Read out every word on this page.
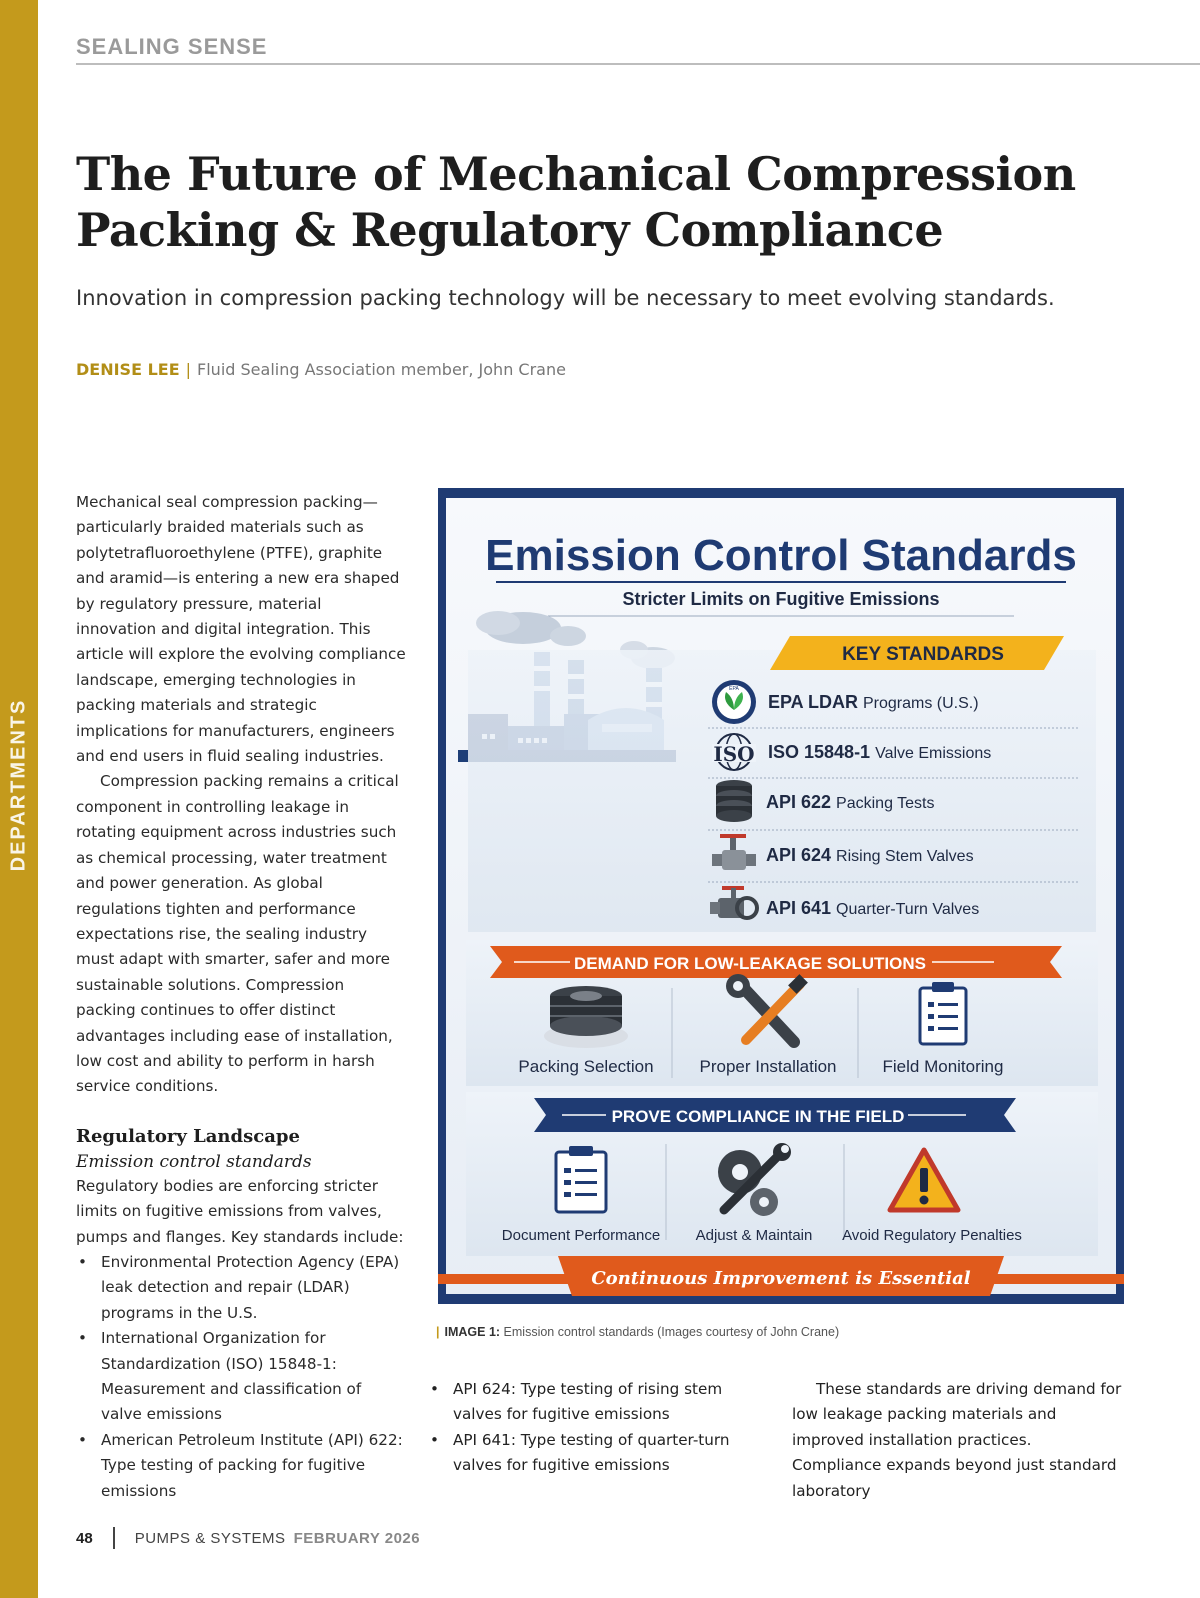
DEPARTMENTS
SEALING SENSE
The Future of Mechanical Compression Packing & Regulatory Compliance
Innovation in compression packing technology will be necessary to meet evolving standards.
DENISE LEE | Fluid Sealing Association member, John Crane

Mechanical seal compression packing—particularly braided materials such as polytetrafluoroethylene (PTFE), graphite and aramid—is entering a new era shaped by regulatory pressure, material innovation and digital integration. This article will explore the evolving compliance landscape, emerging technologies in packing materials and strategic implications for manufacturers, engineers and end users in fluid sealing industries.

Compression packing remains a critical component in controlling leakage in rotating equipment across industries such as chemical processing, water treatment and power generation. As global regulations tighten and performance expectations rise, the sealing industry must adapt with smarter, safer and more sustainable solutions. Compression packing continues to offer distinct advantages including ease of installation, low cost and ability to perform in harsh service conditions.

Regulatory Landscape

Emission control standards

Regulatory bodies are enforcing stricter limits on fugitive emissions from valves, pumps and flanges. Key standards include:

• Environmental Protection Agency (EPA) leak detection and repair (LDAR) programs in the U.S.
• International Organization for Standardization (ISO) 15848-1: Measurement and classification of valve emissions
• American Petroleum Institute (API) 622: Type testing of packing for fugitive emissions
Emission Control Standards
Stricter Limits on Fugitive Emissions
KEY STANDARDS
EPA
EPA LDAR Programs (U.S.)
ISO ISO 15848-1 Valve Emissions
API 622 Packing Tests
API 624 Rising Stem Valves
API 641 Quarter-Turn Valves
DEMAND FOR LOW-LEAKAGE SOLUTIONS
Packing Selection	Proper Installation	Field Monitoring
PROVE COMPLIANCE IN THE FIELD
Document Performance Adjust & Maintain Avoid Regulatory Penalties
Continuous Improvement is Essential
| IMAGE 1: Emission control standards (Images courtesy of John Crane)
• API 624: Type testing of rising stem valves for fugitive emissions
• API 641: Type testing of quarter-turn valves for fugitive emissions

These standards are driving demand for low leakage packing materials and improved installation practices. Compliance expands beyond just standard laboratory

48	PUMPS & SYSTEMS FEBRUARY 2026
